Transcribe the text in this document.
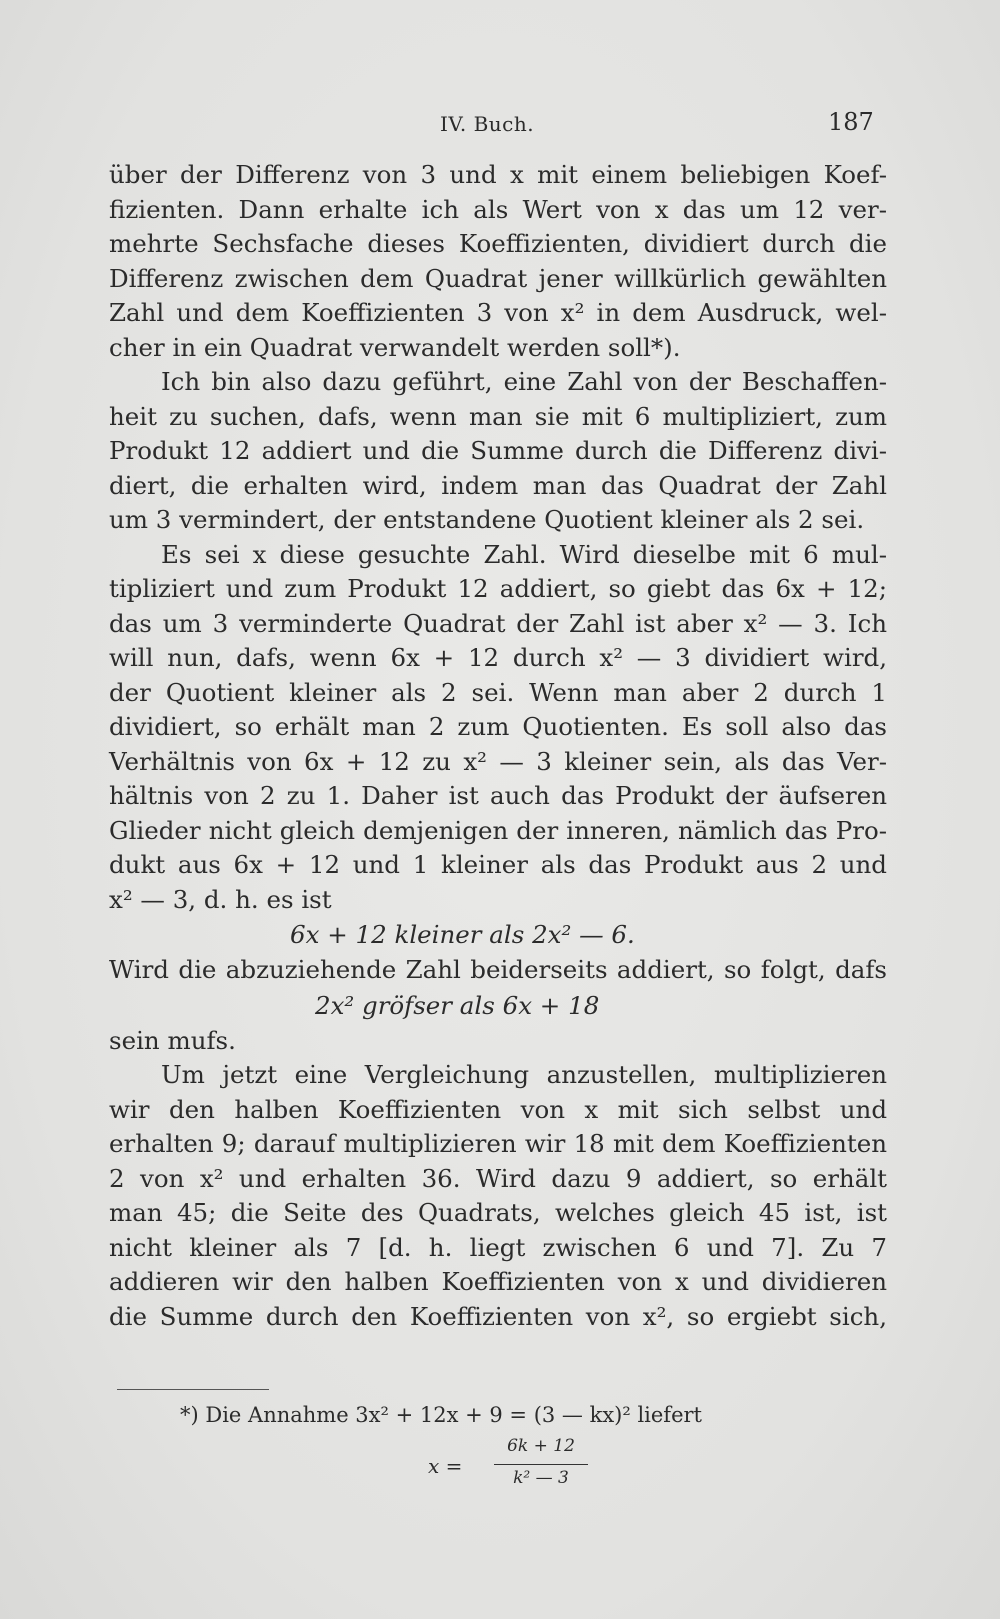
IV. Buch.	187
über der Differenz von 3 und x mit einem beliebigen Koef-
fizienten. Dann erhalte ich als Wert von x das um 12 ver-
mehrte Sechsfache dieses Koeffizienten, dividiert durch die
Differenz zwischen dem Quadrat jener willkürlich gewählten
Zahl und dem Koeffizienten 3 von x² in dem Ausdruck, wel-
cher in ein Quadrat verwandelt werden soll*).
Ich bin also dazu geführt, eine Zahl von der Beschaffen-
heit zu suchen, dafs, wenn man sie mit 6 multipliziert, zum
Produkt 12 addiert und die Summe durch die Differenz divi-
diert, die erhalten wird, indem man das Quadrat der Zahl
um 3 vermindert, der entstandene Quotient kleiner als 2 sei.
Es sei x diese gesuchte Zahl. Wird dieselbe mit 6 mul-
tipliziert und zum Produkt 12 addiert, so giebt das 6x + 12;
das um 3 verminderte Quadrat der Zahl ist aber x² — 3. Ich
will nun, dafs, wenn 6x + 12 durch x² — 3 dividiert wird,
der Quotient kleiner als 2 sei. Wenn man aber 2 durch 1
dividiert, so erhält man 2 zum Quotienten. Es soll also das
Verhältnis von 6x + 12 zu x² — 3 kleiner sein, als das Ver-
hältnis von 2 zu 1. Daher ist auch das Produkt der äufseren
Glieder nicht gleich demjenigen der inneren, nämlich das Pro-
dukt aus 6x + 12 und 1 kleiner als das Produkt aus 2 und
x² — 3, d. h. es ist
6x + 12 kleiner als 2x² — 6.
Wird die abzuziehende Zahl beiderseits addiert, so folgt, dafs
2x² gröfser als 6x + 18
sein mufs.
Um jetzt eine Vergleichung anzustellen, multiplizieren
wir den halben Koeffizienten von x mit sich selbst und
erhalten 9; darauf multiplizieren wir 18 mit dem Koeffizienten
2 von x² und erhalten 36. Wird dazu 9 addiert, so erhält
man 45; die Seite des Quadrats, welches gleich 45 ist, ist
nicht kleiner als 7 [d. h. liegt zwischen 6 und 7]. Zu 7
addieren wir den halben Koeffizienten von x und dividieren
die Summe durch den Koeffizienten von x², so ergiebt sich,
*) Die Annahme 3x² + 12x + 9 = (3 — kx)² liefert
x =
6k + 12
k² — 3
